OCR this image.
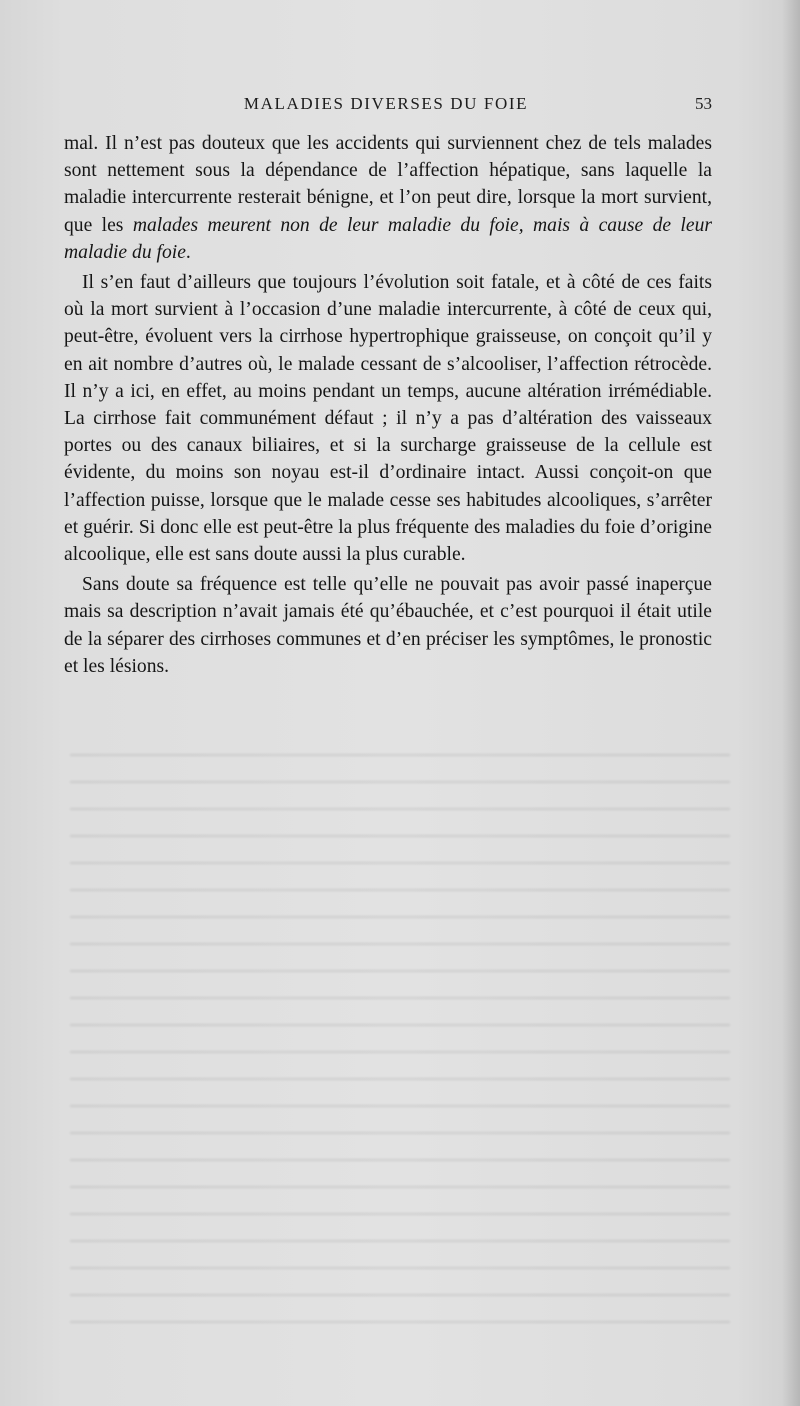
MALADIES DIVERSES DU FOIE	53

mal. Il n’est pas douteux que les accidents qui surviennent chez de tels malades sont nettement sous la dépendance de l’affection hépatique, sans laquelle la maladie intercurrente resterait bénigne, et l’on peut dire, lorsque la mort survient, que les malades meurent non de leur maladie du foie, mais à cause de leur maladie du foie.

Il s’en faut d’ailleurs que toujours l’évolution soit fatale, et à côté de ces faits où la mort survient à l’occasion d’une maladie intercurrente, à côté de ceux qui, peut-être, évoluent vers la cirrhose hypertrophique graisseuse, on conçoit qu’il y en ait nombre d’autres où, le malade cessant de s’alcooliser, l’affection rétrocède. Il n’y a ici, en effet, au moins pendant un temps, aucune altération irrémédiable. La cirrhose fait communément défaut ; il n’y a pas d’altération des vaisseaux portes ou des canaux biliaires, et si la surcharge graisseuse de la cellule est évidente, du moins son noyau est-il d’ordinaire intact. Aussi conçoit-on que l’affection puisse, lorsque que le malade cesse ses habitudes alcooliques, s’arrêter et guérir. Si donc elle est peut-être la plus fréquente des maladies du foie d’origine alcoolique, elle est sans doute aussi la plus curable.

Sans doute sa fréquence est telle qu’elle ne pouvait pas avoir passé inaperçue mais sa description n’avait jamais été qu’ébauchée, et c’est pourquoi il était utile de la séparer des cirrhoses communes et d’en préciser les symptômes, le pronostic et les lésions.
